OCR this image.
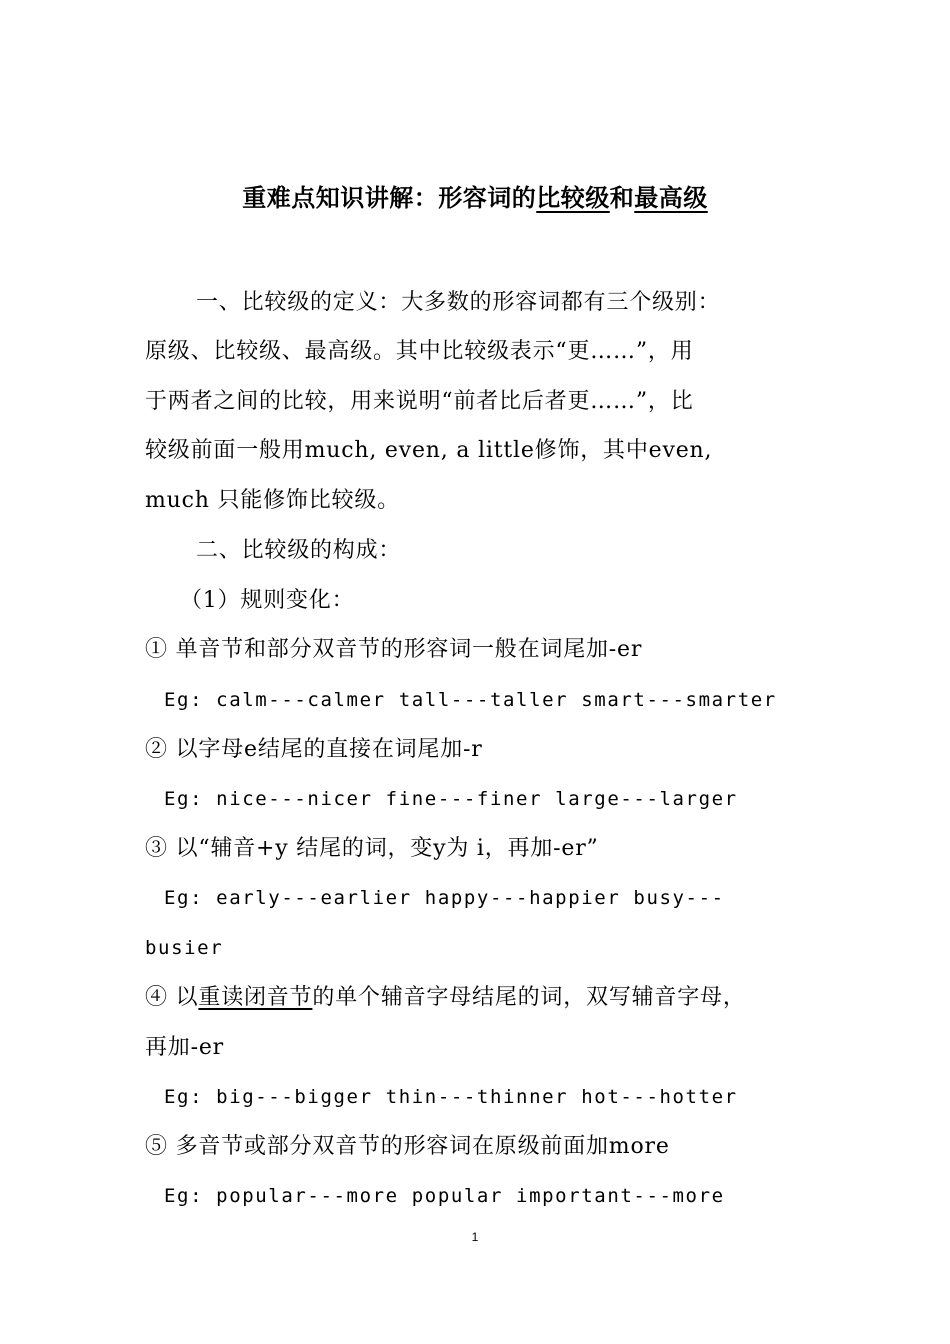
重难点知识讲解：形容词的比较级和最高级
一、比较级的定义：大多数的形容词都有三个级别：
原级、比较级、最高级。其中比较级表示“更……”，用
于两者之间的比较，用来说明“前者比后者更……”，比
较级前面一般用much, even, a little修饰，其中even,
much 只能修饰比较级。
二、比较级的构成：
（1）规则变化：
① 单音节和部分双音节的形容词一般在词尾加-er
Eg: calm---calmer tall---taller smart---smarter
② 以字母e结尾的直接在词尾加-r
Eg: nice---nicer fine---finer large---larger
③ 以“辅音+y 结尾的词，变y为 i，再加-er”
Eg: early---earlier happy---happier busy---
busier
④ 以重读闭音节的单个辅音字母结尾的词，双写辅音字母，
再加-er
Eg: big---bigger thin---thinner hot---hotter
⑤ 多音节或部分双音节的形容词在原级前面加more
Eg: popular---more popular important---more
1
